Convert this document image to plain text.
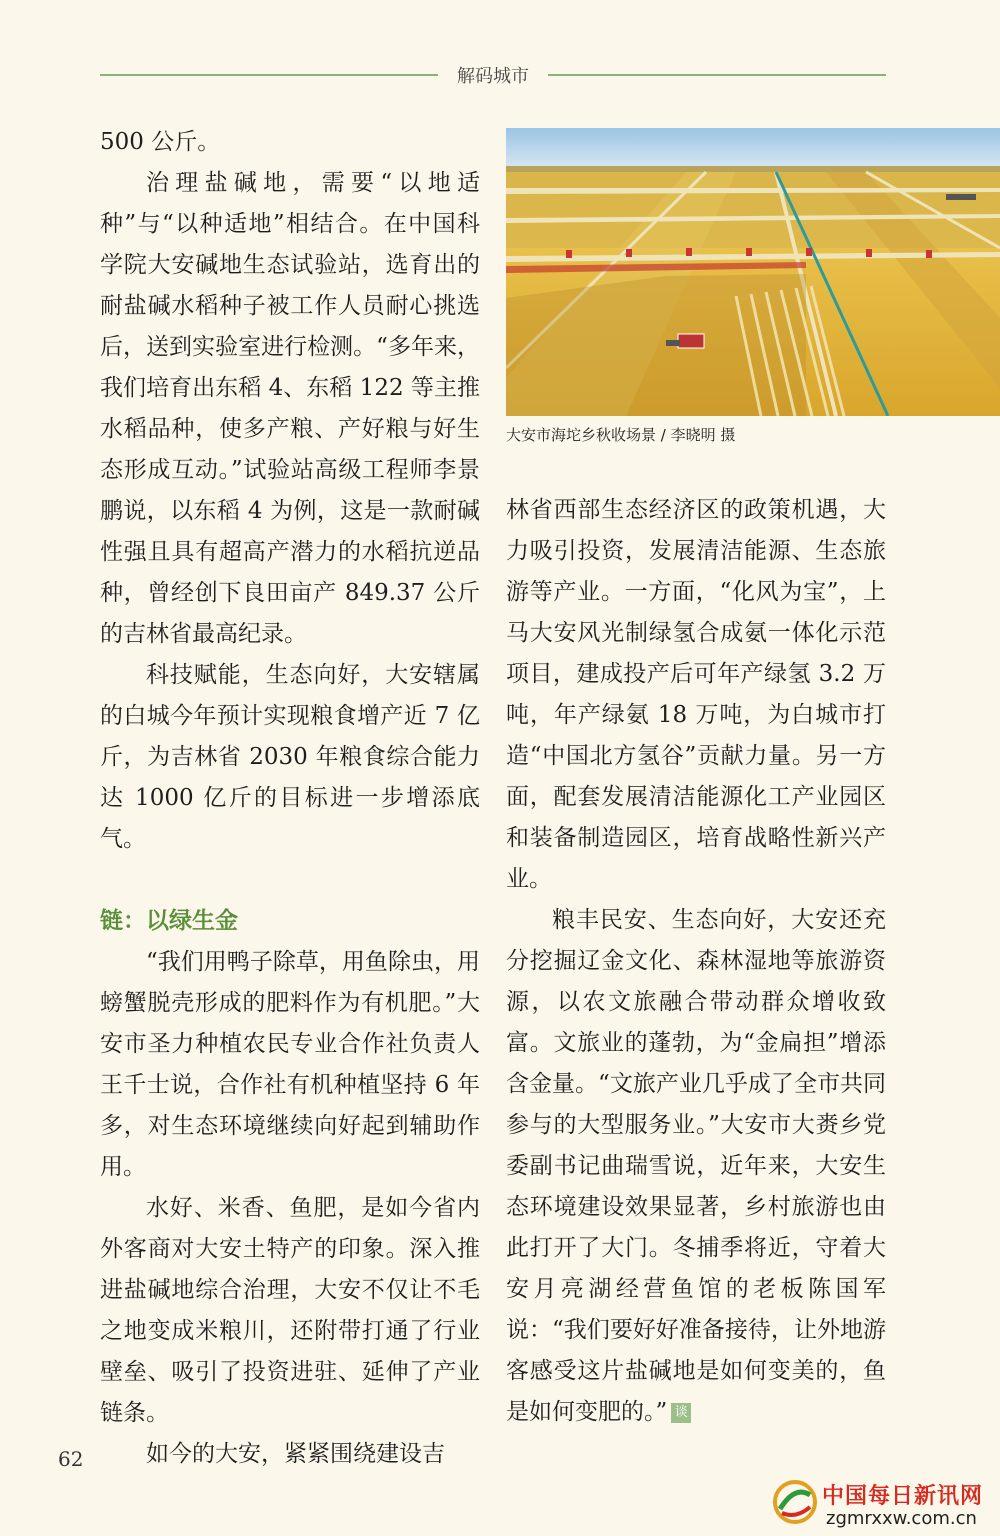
解码城市

500 公斤。

治理盐碱地，需要“以地适种”与“以种适地”相结合。在中国科学院大安碱地生态试验站，选育出的耐盐碱水稻种子被工作人员耐心挑选后，送到实验室进行检测。“多年来，我们培育出东稻 4、东稻 122 等主推水稻品种，使多产粮、产好粮与好生态形成互动。”试验站高级工程师李景鹏说，以东稻 4 为例，这是一款耐碱性强且具有超高产潜力的水稻抗逆品种，曾经创下良田亩产 849.37 公斤的吉林省最高纪录。

科技赋能，生态向好，大安辖属的白城今年预计实现粮食增产近 7 亿斤，为吉林省 2030 年粮食综合能力达 1000 亿斤的目标进一步增添底气。

链：以绿生金

“我们用鸭子除草，用鱼除虫，用螃蟹脱壳形成的肥料作为有机肥。”大安市圣力种植农民专业合作社负责人王千士说，合作社有机种植坚持 6 年多，对生态环境继续向好起到辅助作用。

水好、米香、鱼肥，是如今省内外客商对大安土特产的印象。深入推进盐碱地综合治理，大安不仅让不毛之地变成米粮川，还附带打通了行业壁垒、吸引了投资进驻、延伸了产业链条。

如今的大安，紧紧围绕建设吉

大安市海坨乡秋收场景 / 李晓明 摄

林省西部生态经济区的政策机遇，大力吸引投资，发展清洁能源、生态旅游等产业。一方面，“化风为宝”，上马大安风光制绿氢合成氨一体化示范项目，建成投产后可年产绿氢 3.2 万吨，年产绿氨 18 万吨，为白城市打造“中国北方氢谷”贡献力量。另一方面，配套发展清洁能源化工产业园区和装备制造园区，培育战略性新兴产业。

粮丰民安、生态向好，大安还充分挖掘辽金文化、森林湿地等旅游资源，以农文旅融合带动群众增收致富。文旅业的蓬勃，为“金扁担”增添含金量。“文旅产业几乎成了全市共同参与的大型服务业。”大安市大赉乡党委副书记曲瑞雪说，近年来，大安生态环境建设效果显著，乡村旅游也由此打开了大门。冬捕季将近，守着大安月亮湖经营鱼馆的老板陈国军说：“我们要好好准备接待，让外地游客感受这片盐碱地是如何变美的，鱼是如何变肥的。” 谈

62
中国每日新讯网
zgmrxxw.com.cn
